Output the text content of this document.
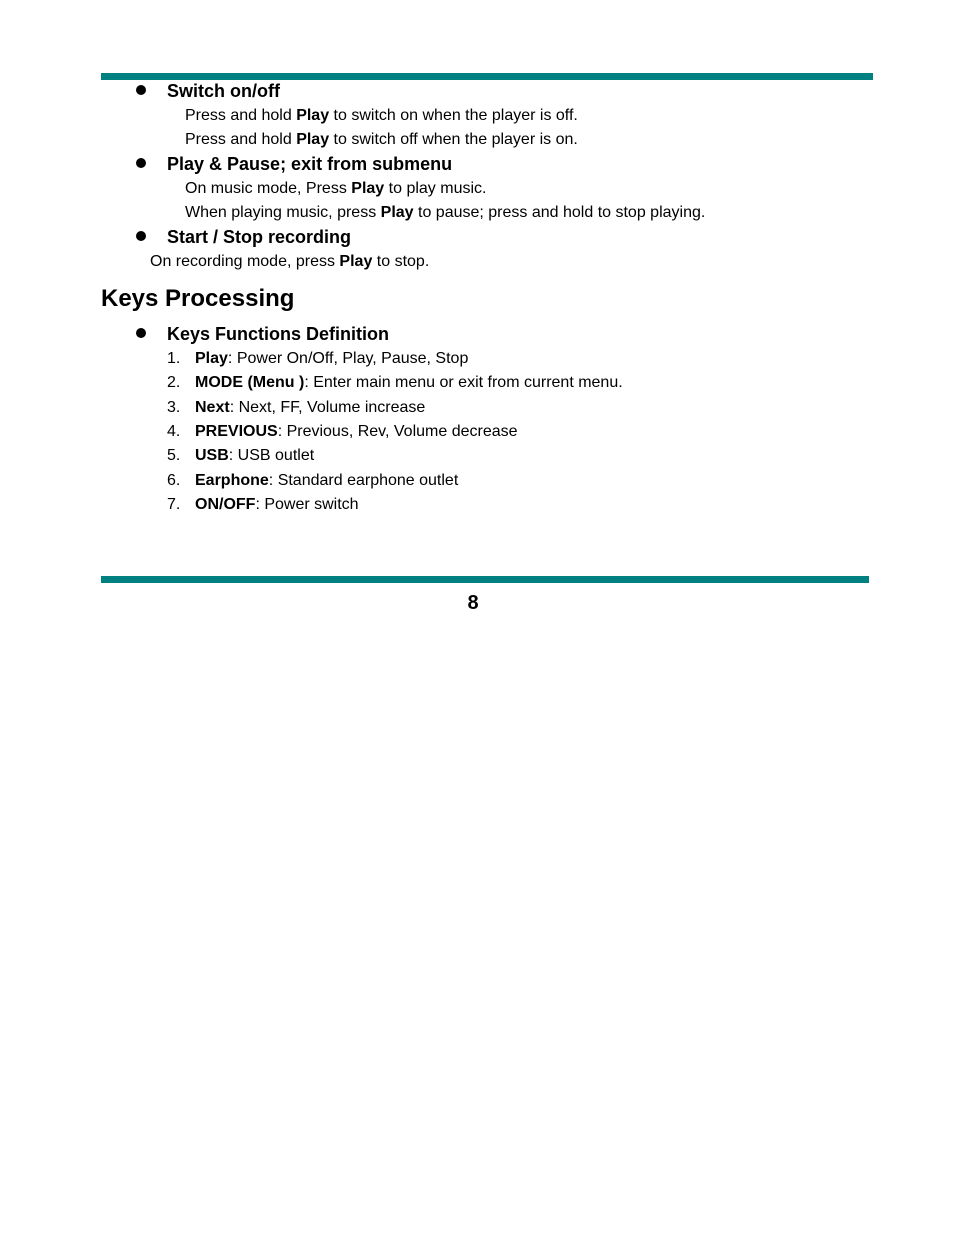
Switch on/off
Press and hold Play to switch on when the player is off.
Press and hold Play to switch off when the player is on.
Play & Pause; exit from submenu
On music mode, Press Play to play music.
When playing music, press Play to pause; press and hold to stop playing.
Start / Stop recording
On recording mode, press Play to stop.
Keys Processing
Keys Functions Definition
1. Play: Power On/Off, Play, Pause, Stop
2. MODE (Menu ): Enter main menu or exit from current menu.
3. Next: Next, FF, Volume increase
4. PREVIOUS: Previous, Rev, Volume decrease
5. USB: USB outlet
6. Earphone: Standard earphone outlet
7. ON/OFF: Power switch
8
